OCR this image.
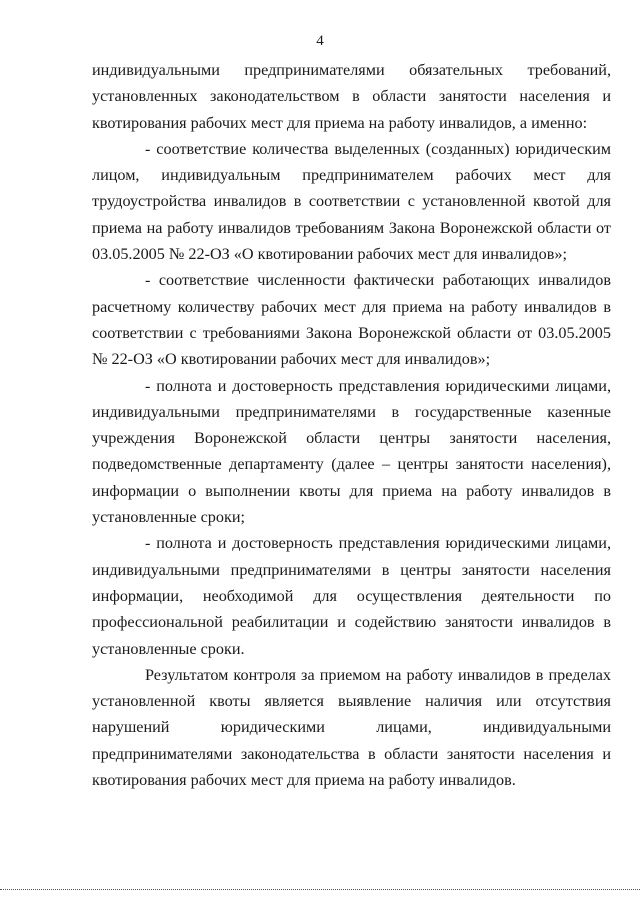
4

индивидуальными предпринимателями обязательных требований, установленных законодательством в области занятости населения и квотирования рабочих мест для приема на работу инвалидов, а именно:

- соответствие количества выделенных (созданных) юридическим лицом, индивидуальным предпринимателем рабочих мест для трудоустройства инвалидов в соответствии с установленной квотой для приема на работу инвалидов требованиям Закона Воронежской области от 03.05.2005 № 22-ОЗ «О квотировании рабочих мест для инвалидов»;

- соответствие численности фактически работающих инвалидов расчетному количеству рабочих мест для приема на работу инвалидов в соответствии с требованиями Закона Воронежской области от 03.05.2005 № 22-ОЗ «О квотировании рабочих мест для инвалидов»;

- полнота и достоверность представления юридическими лицами, индивидуальными предпринимателями в государственные казенные учреждения Воронежской области центры занятости населения, подведомственные департаменту (далее – центры занятости населения), информации о выполнении квоты для приема на работу инвалидов в установленные сроки;

- полнота и достоверность представления юридическими лицами, индивидуальными предпринимателями в центры занятости населения информации, необходимой для осуществления деятельности по профессиональной реабилитации и содействию занятости инвалидов в установленные сроки.

Результатом контроля за приемом на работу инвалидов в пределах установленной квоты является выявление наличия или отсутствия нарушений юридическими лицами, индивидуальными предпринимателями законодательства в области занятости населения и квотирования рабочих мест для приема на работу инвалидов.
